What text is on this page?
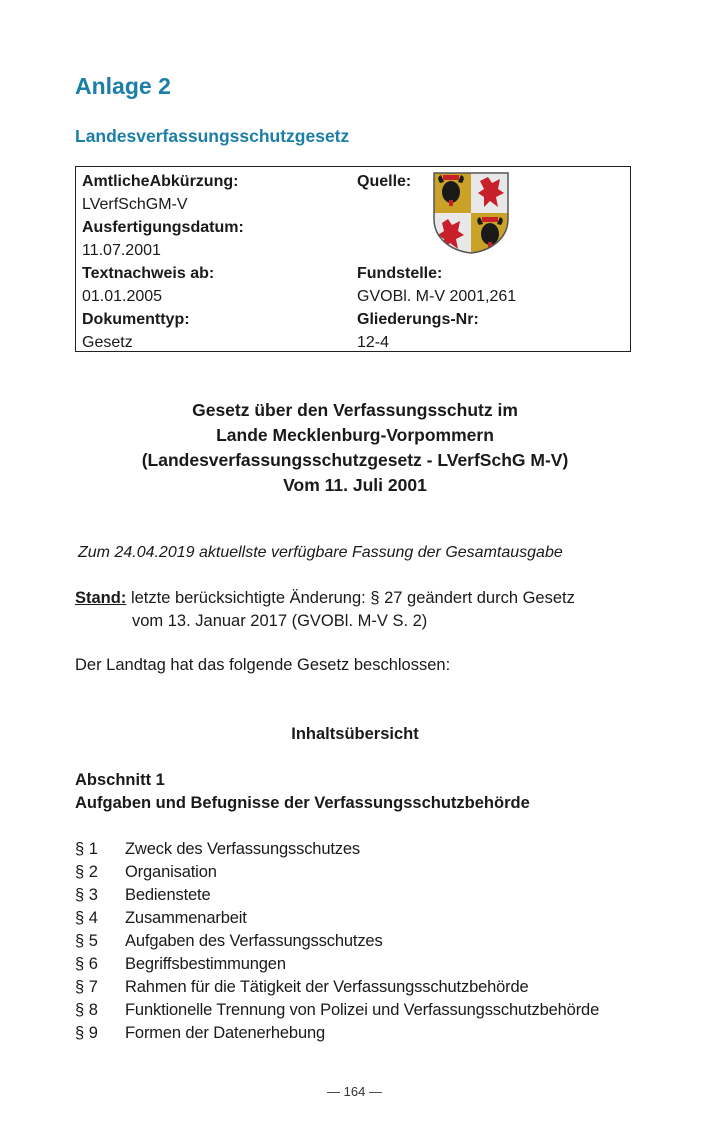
Anlage 2
Landesverfassungsschutzgesetz
AmtlicheAbkürzung:
LVerfSchGM-V
Ausfertigungsdatum:
11.07.2001
Textnachweis ab:
01.01.2005
Dokumenttyp:
Gesetz
Quelle:
Fundstelle:
GVOBl. M-V 2001,261
Gliederungs-Nr:
12-4
Gesetz über den Verfassungsschutz im
Lande Mecklenburg-Vorpommern
(Landesverfassungsschutzgesetz - LVerfSchG M-V)
Vom 11. Juli 2001
Zum 24.04.2019 aktuellste verfügbare Fassung der Gesamtausgabe
Stand: letzte berücksichtigte Änderung: § 27 geändert durch Gesetz
vom 13. Januar 2017 (GVOBl. M-V S. 2)
Der Landtag hat das folgende Gesetz beschlossen:
Inhaltsübersicht
Abschnitt 1
Aufgaben und Befugnisse der Verfassungsschutzbehörde
§ 1	Zweck des Verfassungsschutzes
§ 2	Organisation
§ 3	Bedienstete
§ 4	Zusammenarbeit
§ 5	Aufgaben des Verfassungsschutzes
§ 6	Begriffsbestimmungen
§ 7	Rahmen für die Tätigkeit der Verfassungsschutzbehörde
§ 8	Funktionelle Trennung von Polizei und Verfassungsschutzbehörde
§ 9	Formen der Datenerhebung
— 164 —
